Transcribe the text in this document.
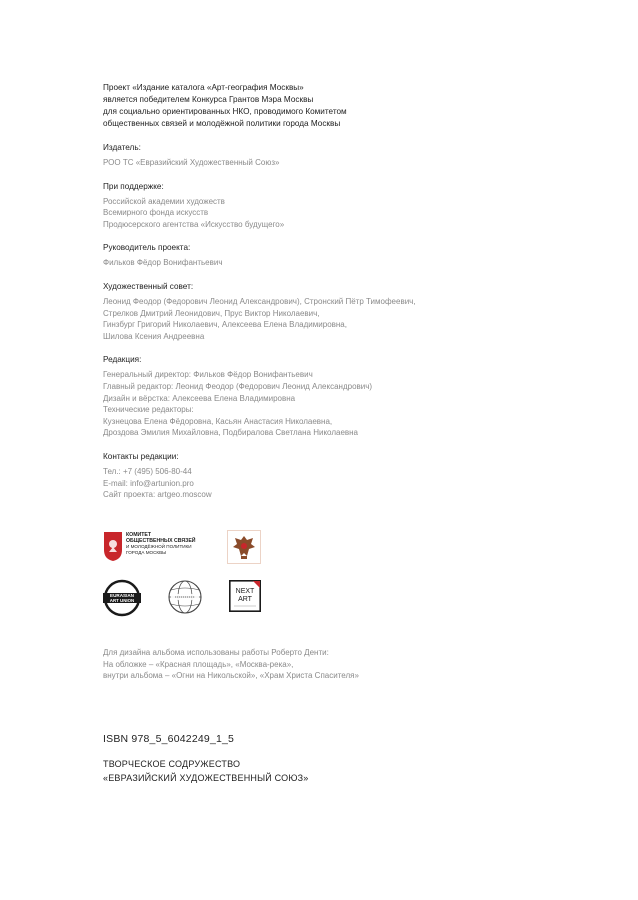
Проект «Издание каталога «Арт-география Москвы»
является победителем Конкурса Грантов Мэра Москвы
для социально ориентированных НКО, проводимого Комитетом
общественных связей и молодёжной политики города Москвы
Издатель:
РОО ТС «Евразийский Художественный Союз»
При поддержке:
Российской академии художеств
Всемирного фонда искусств
Продюсерского агентства «Искусство будущего»
Руководитель проекта:
Фильков Фёдор Вонифантьевич
Художественный совет:
Леонид Феодор (Федорович Леонид Александрович), Стронский Пётр Тимофеевич,
Стрелков Дмитрий Леонидович, Прус Виктор Николаевич,
Гинзбург Григорий Николаевич, Алексеева Елена Владимировна,
Шилова Ксения Андреевна
Редакция:
Генеральный директор: Фильков Фёдор Вонифантьевич
Главный редактор: Леонид Феодор (Федорович Леонид Александрович)
Дизайн и вёрстка: Алексеева Елена Владимировна
Технические редакторы:
Кузнецова Елена Фёдоровна, Касьян Анастасия Николаевна,
Дроздова Эмилия Михайловна, Подбиралова Светлана Николаевна
Контакты редакции:
Тел.: +7 (495) 506-80-44
E-mail: info@artunion.pro
Сайт проекта: artgeo.moscow
КОМИТЕТ
ОБЩЕСТВЕННЫХ СВЯЗЕЙ
И МОЛОДЁЖНОЙ ПОЛИТИКИ
ГОРОДА МОСКВЫ
EURASIAN
ART UNION
NEXT
ART
Для дизайна альбома использованы работы Роберто Денти:
На обложке – «Красная площадь», «Москва-река»,
внутри альбома – «Огни на Никольской», «Храм Христа Спасителя»
ISBN 978_5_6042249_1_5
ТВОРЧЕСКОЕ СОДРУЖЕСТВО
«ЕВРАЗИЙСКИЙ ХУДОЖЕСТВЕННЫЙ СОЮЗ»
